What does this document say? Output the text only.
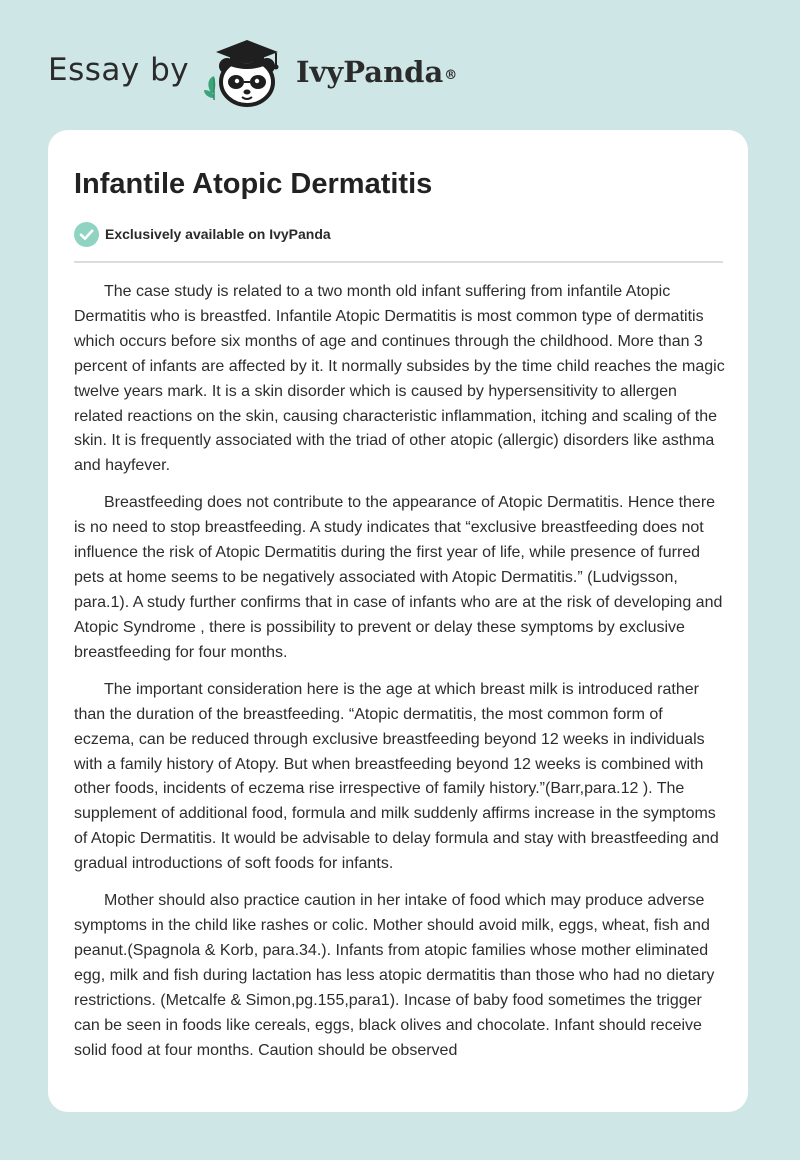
Essay by	IvyPanda®
Infantile Atopic Dermatitis
Exclusively available on IvyPanda

The case study is related to a two month old infant suffering from infantile Atopic Dermatitis who is breastfed. Infantile Atopic Dermatitis is most common type of dermatitis which occurs before six months of age and continues through the childhood. More than 3 percent of infants are affected by it. It normally subsides by the time child reaches the magic twelve years mark. It is a skin disorder which is caused by hypersensitivity to allergen related reactions on the skin, causing characteristic inflammation, itching and scaling of the skin. It is frequently associated with the triad of other atopic (allergic) disorders like asthma and hayfever.

Breastfeeding does not contribute to the appearance of Atopic Dermatitis. Hence there is no need to stop breastfeeding. A study indicates that “exclusive breastfeeding does not influence the risk of Atopic Dermatitis during the first year of life, while presence of furred pets at home seems to be negatively associated with Atopic Dermatitis.” (Ludvigsson, para.1). A study further confirms that in case of infants who are at the risk of developing and Atopic Syndrome , there is possibility to prevent or delay these symptoms by exclusive breastfeeding for four months.

The important consideration here is the age at which breast milk is introduced rather than the duration of the breastfeeding. “Atopic dermatitis, the most common form of eczema, can be reduced through exclusive breastfeeding beyond 12 weeks in individuals with a family history of Atopy. But when breastfeeding beyond 12 weeks is combined with other foods, incidents of eczema rise irrespective of family history.”(Barr,para.12 ). The supplement of additional food, formula and milk suddenly affirms increase in the symptoms of Atopic Dermatitis. It would be advisable to delay formula and stay with breastfeeding and gradual introductions of soft foods for infants.

Mother should also practice caution in her intake of food which may produce adverse symptoms in the child like rashes or colic. Mother should avoid milk, eggs, wheat, fish and peanut.(Spagnola & Korb, para.34.). Infants from atopic families whose mother eliminated egg, milk and fish during lactation has less atopic dermatitis than those who had no dietary restrictions. (Metcalfe & Simon,pg.155,para1). Incase of baby food sometimes the trigger can be seen in foods like cereals, eggs, black olives and chocolate. Infant should receive solid food at four months. Caution should be observed
